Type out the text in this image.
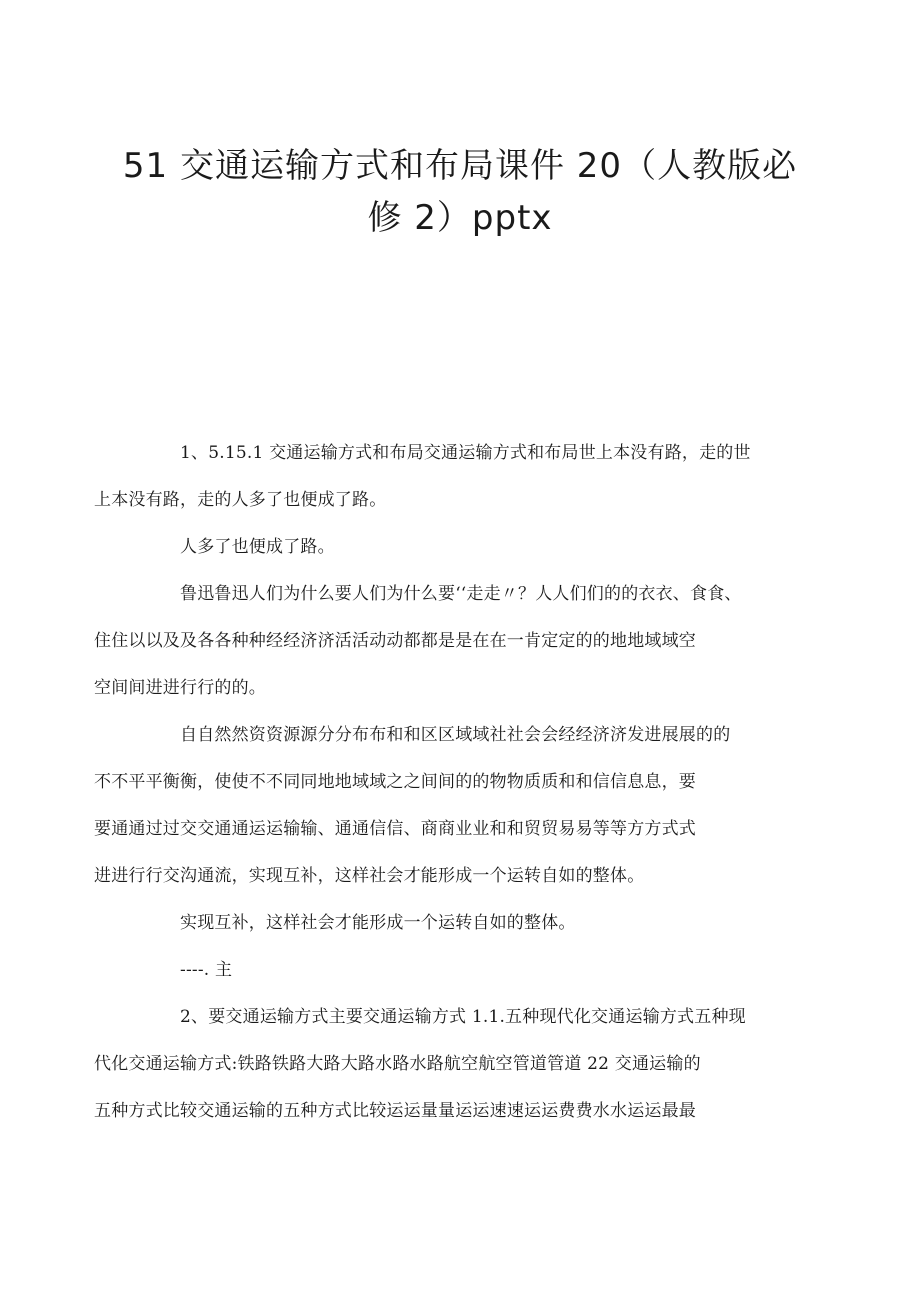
51 交通运输方式和布局课件 20（人教版必
修 2）pptx

1、5.15.1 交通运输方式和布局交通运输方式和布局世上本没有路，走的世
上本没有路，走的人多了也便成了路。

人多了也便成了路。

鲁迅鲁迅人们为什么要人们为什么要‘‘走走〃？人人们们的的衣衣、食食、
住住以以及及各各种种经经济济活活动动都都是是在在一肯定定的的地地域域空
空间间进进行行的的。

自自然然资资源源分分布布和和区区域域社社会会经经济济发进展展的的
不不平平衡衡，使使不不同同地地域域之之间间的的物物质质和和信信息息，要
要通通过过交交通通运运输输、通通信信、商商业业和和贸贸易易等等方方式式
进进行行交沟通流，实现互补，这样社会才能形成一个运转自如的整体。

实现互补，这样社会才能形成一个运转自如的整体。

----. 主

2、要交通运输方式主要交通运输方式 1.1.五种现代化交通运输方式五种现
代化交通运输方式:铁路铁路大路大路水路水路航空航空管道管道 22 交通运输的
五种方式比较交通运输的五种方式比较运运量量运运速速运运费费水水运运最最
